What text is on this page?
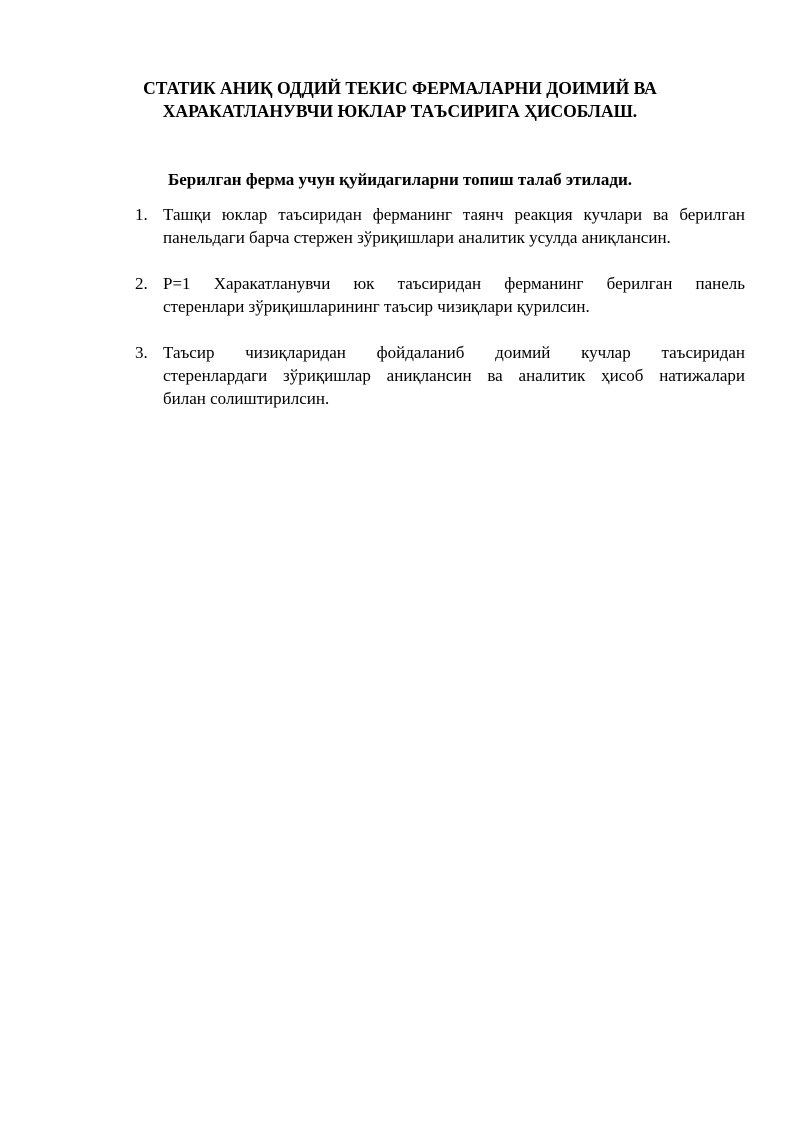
СТАТИК АНИҚ ОДДИЙ ТЕКИС ФЕРМАЛАРНИ ДОИМИЙ ВА
ХАРАКАТЛАНУВЧИ ЮКЛАР ТАЪСИРИГА ҲИСОБЛАШ.
Берилган ферма учун қуйидагиларни топиш талаб этилади.
1. Ташқи юклар таъсиридан ферманинг таянч реакция кучлари ва берилган
панельдаги барча стержен зўриқишлари аналитик усулда аниқлансин.
2. P=1 Харакатланувчи юк таъсиридан ферманинг берилган панель
стеренлари зўриқишларининг таъсир чизиқлари қурилсин.
3. Таъсир чизиқларидан фойдаланиб доимий кучлар таъсиридан
стеренлардаги зўриқишлар аниқлансин ва аналитик ҳисоб натижалари
билан солиштирилсин.
